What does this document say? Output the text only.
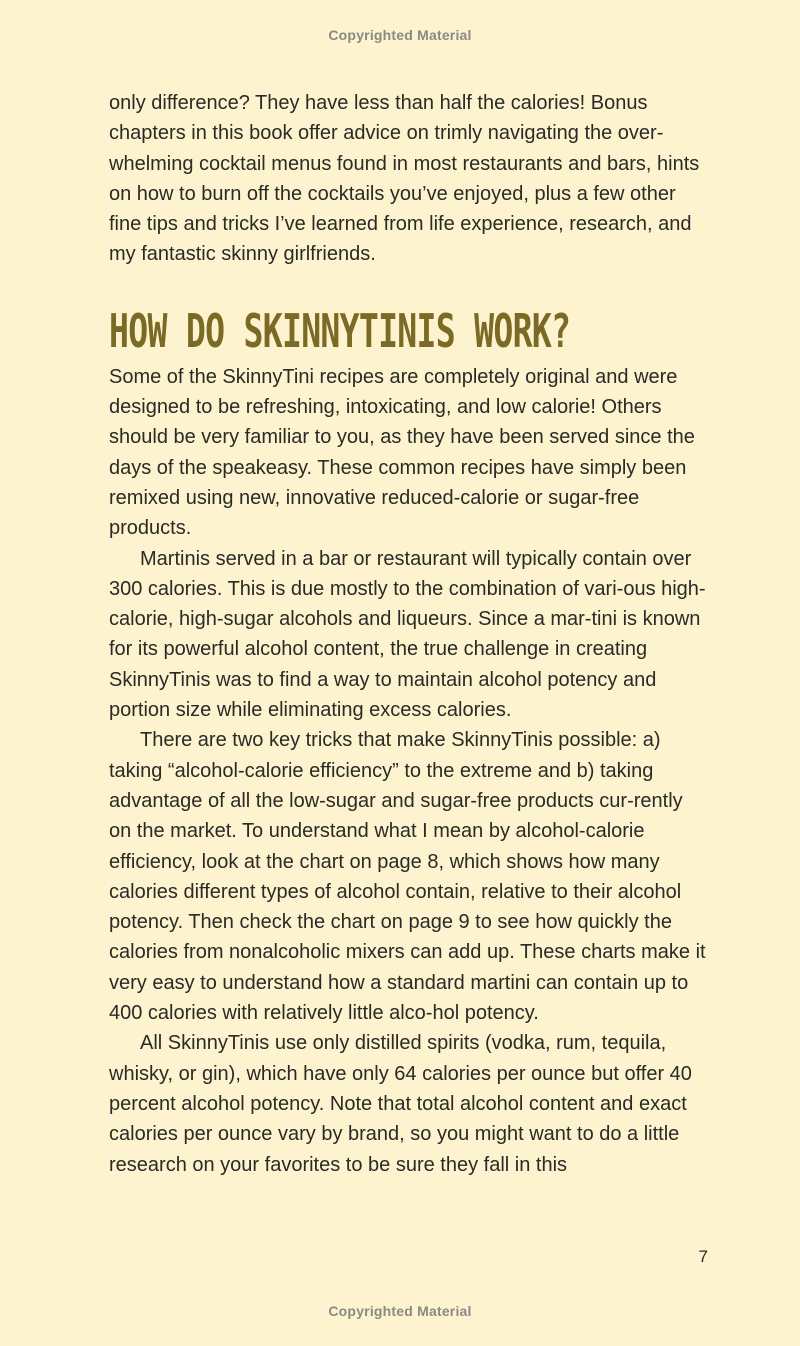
Copyrighted Material

only difference? They have less than half the calories! Bonus chapters in this book offer advice on trimly navigating the over-whelming cocktail menus found in most restaurants and bars, hints on how to burn off the cocktails you’ve enjoyed, plus a few other fine tips and tricks I’ve learned from life experience, research, and my fantastic skinny girlfriends.

HOW DO SKINNYTINIS WORK?

Some of the SkinnyTini recipes are completely original and were designed to be refreshing, intoxicating, and low calorie! Others should be very familiar to you, as they have been served since the days of the speakeasy. These common recipes have simply been remixed using new, innovative reduced-calorie or sugar-free products.

Martinis served in a bar or restaurant will typically contain over 300 calories. This is due mostly to the combination of vari-ous high-calorie, high-sugar alcohols and liqueurs. Since a mar-tini is known for its powerful alcohol content, the true challenge in creating SkinnyTinis was to find a way to maintain alcohol potency and portion size while eliminating excess calories.

There are two key tricks that make SkinnyTinis possible: a) taking “alcohol-calorie efficiency” to the extreme and b) taking advantage of all the low-sugar and sugar-free products cur-rently on the market. To understand what I mean by alcohol-calorie efficiency, look at the chart on page 8, which shows how many calories different types of alcohol contain, relative to their alcohol potency. Then check the chart on page 9 to see how quickly the calories from nonalcoholic mixers can add up. These charts make it very easy to understand how a standard martini can contain up to 400 calories with relatively little alco-hol potency.

All SkinnyTinis use only distilled spirits (vodka, rum, tequila, whisky, or gin), which have only 64 calories per ounce but offer 40 percent alcohol potency. Note that total alcohol content and exact calories per ounce vary by brand, so you might want to do a little research on your favorites to be sure they fall in this

7
Copyrighted Material
